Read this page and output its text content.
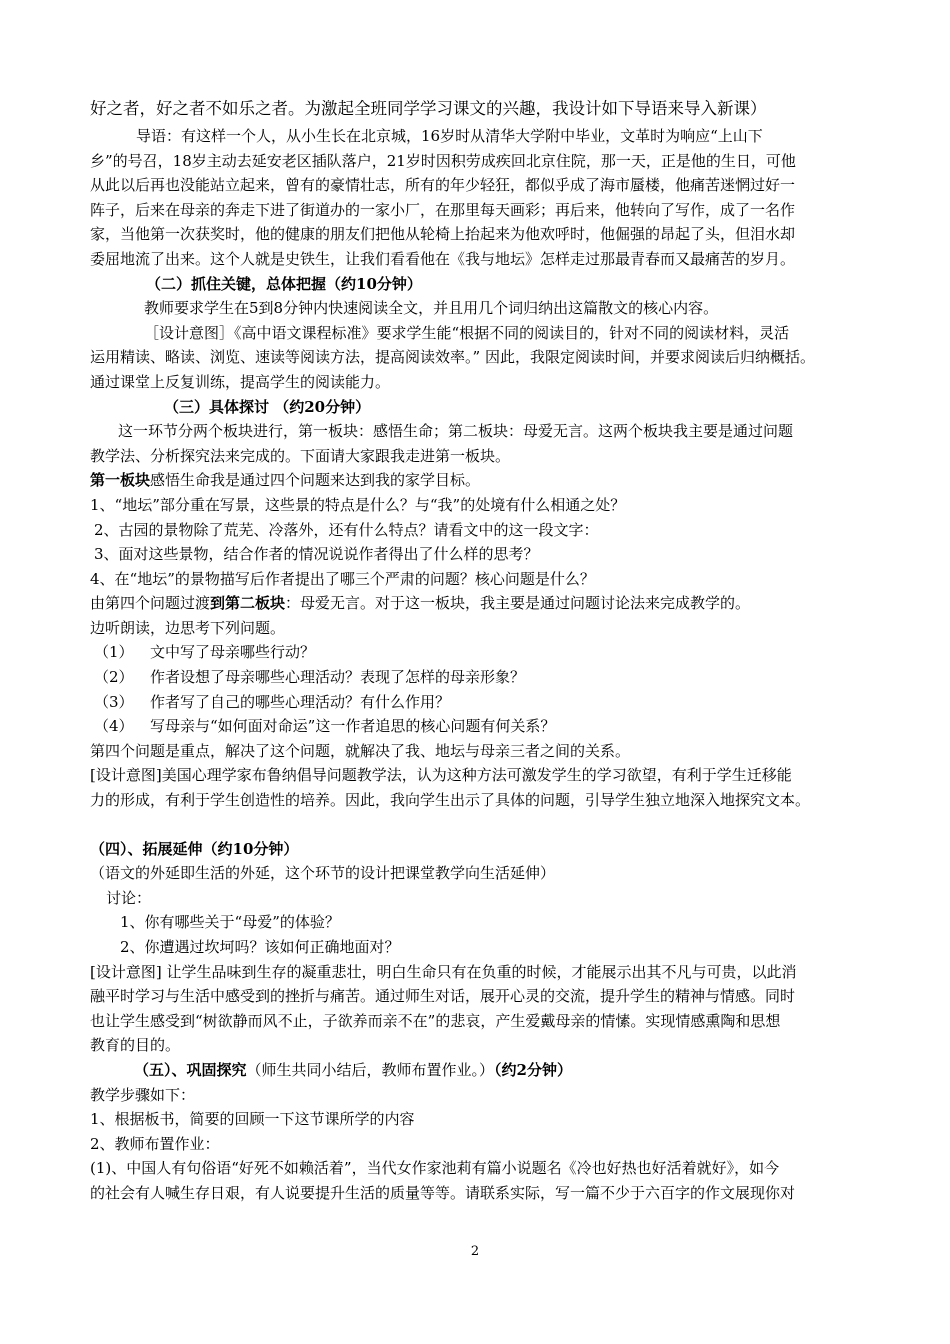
好之者，好之者不如乐之者。为激起全班同学学习课文的兴趣，我设计如下导语来导入新课）
导语：有这样一个人，从小生长在北京城，16岁时从清华大学附中毕业，文革时为响应“上山下
乡”的号召，18岁主动去延安老区插队落户，21岁时因积劳成疾回北京住院，那一天，正是他的生日，可他
从此以后再也没能站立起来，曾有的豪情壮志，所有的年少轻狂，都似乎成了海市蜃楼，他痛苦迷惘过好一
阵子，后来在母亲的奔走下进了街道办的一家小厂，在那里每天画彩；再后来，他转向了写作，成了一名作
家，当他第一次获奖时，他的健康的朋友们把他从轮椅上抬起来为他欢呼时，他倔强的昂起了头，但泪水却
委屈地流了出来。这个人就是史铁生，让我们看看他在《我与地坛》怎样走过那最青春而又最痛苦的岁月。
（二）抓住关键，总体把握（约10分钟）
教师要求学生在5到8分钟内快速阅读全文，并且用几个词归纳出这篇散文的核心内容。
［设计意图］《高中语文课程标准》要求学生能“根据不同的阅读目的，针对不同的阅读材料，灵活
运用精读、略读、浏览、速读等阅读方法，提高阅读效率。” 因此，我限定阅读时间，并要求阅读后归纳概括。
通过课堂上反复训练，提高学生的阅读能力。
（三）具体探讨 （约20分钟）
这一环节分两个板块进行，第一板块：感悟生命；第二板块：母爱无言。这两个板块我主要是通过问题
教学法、分析探究法来完成的。下面请大家跟我走进第一板块。
第一板块感悟生命我是通过四个问题来达到我的家学目标。
1、“地坛”部分重在写景，这些景的特点是什么？与“我”的处境有什么相通之处？
2、古园的景物除了荒芜、冷落外，还有什么特点？请看文中的这一段文字：
3、面对这些景物，结合作者的情况说说作者得出了什么样的思考？
4、在“地坛”的景物描写后作者提出了哪三个严肃的问题？核心问题是什么？
由第四个问题过渡到第二板块：母爱无言。对于这一板块，我主要是通过问题讨论法来完成教学的。
边听朗读，边思考下列问题。
（1） 文中写了母亲哪些行动？
（2） 作者设想了母亲哪些心理活动？表现了怎样的母亲形象？
（3） 作者写了自己的哪些心理活动？有什么作用？
（4） 写母亲与“如何面对命运”这一作者追思的核心问题有何关系？
第四个问题是重点，解决了这个问题，就解决了我、地坛与母亲三者之间的关系。
[设计意图]美国心理学家布鲁纳倡导问题教学法，认为这种方法可激发学生的学习欲望，有利于学生迁移能
力的形成，有利于学生创造性的培养。因此，我向学生出示了具体的问题，引导学生独立地深入地探究文本。
（四）、拓展延伸（约10分钟）
（语文的外延即生活的外延，这个环节的设计把课堂教学向生活延伸）
讨论：
1、你有哪些关于“母爱”的体验？
2、你遭遇过坎坷吗？该如何正确地面对？
[设计意图] 让学生品味到生存的凝重悲壮，明白生命只有在负重的时候，才能展示出其不凡与可贵，以此消
融平时学习与生活中感受到的挫折与痛苦。通过师生对话，展开心灵的交流，提升学生的精神与情感。同时
也让学生感受到“树欲静而风不止，子欲养而亲不在”的悲哀，产生爱戴母亲的情愫。实现情感熏陶和思想
教育的目的。
（五）、巩固探究（师生共同小结后，教师布置作业。）（约2分钟）
教学步骤如下：
1、根据板书，简要的回顾一下这节课所学的内容
2、教师布置作业：
(1)、中国人有句俗语“好死不如赖活着”，当代女作家池莉有篇小说题名《冷也好热也好活着就好》，如今
的社会有人喊生存日艰，有人说要提升生活的质量等等。请联系实际，写一篇不少于六百字的作文展现你对
2
